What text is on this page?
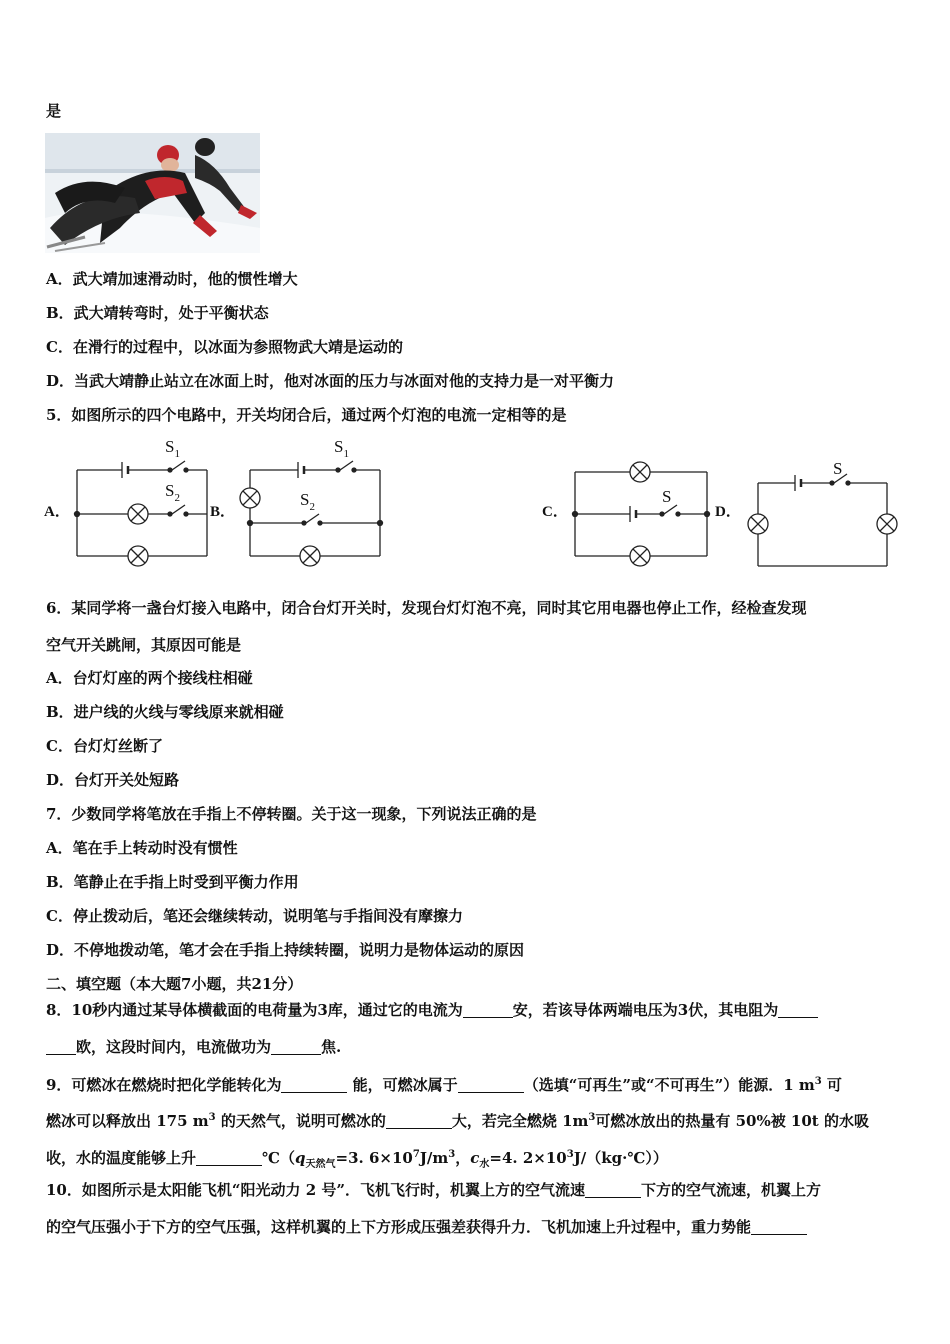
是
A．武大靖加速滑动时，他的惯性增大
B．武大靖转弯时，处于平衡状态
C．在滑行的过程中，以冰面为参照物武大靖是运动的
D．当武大靖静止站立在冰面上时，他对冰面的压力与冰面对他的支持力是一对平衡力
5．如图所示的四个电路中，开关均闭合后，通过两个灯泡的电流一定相等的是
A．
$S_1$
$S_2$
B．
$S_1$
$S_2$	C．
S
D．
S
6．某同学将一盏台灯接入电路中，闭合台灯开关时，发现台灯灯泡不亮，同时其它用电器也停止工作，经检查发现
空气开关跳闸，其原因可能是
A．台灯灯座的两个接线柱相碰
B．进户线的火线与零线原来就相碰
C．台灯灯丝断了
D．台灯开关处短路
7．少数同学将笔放在手指上不停转圈。关于这一现象，下列说法正确的是
A．笔在手上转动时没有惯性
B．笔静止在手指上时受到平衡力作用
C．停止拨动后，笔还会继续转动，说明笔与手指间没有摩擦力
D．不停地拨动笔，笔才会在手指上持续转圈，说明力是物体运动的原因
二、填空题（本大题7小题，共21分）
8．10秒内通过某导体横截面的电荷量为3库，通过它的电流为	安，若该导体两端电压为3伏，其电阻为
欧，这段时间内，电流做功为	焦.
9．可燃冰在燃烧时把化学能转化为	能，可燃冰属于	（选填“可再生”或“不可再生”）能源．1 $m^3$ 可
燃冰可以释放出 175 $m^3$ 的天然气，说明可燃冰的	大，若完全燃烧 $1m^3$可燃冰放出的热量有 50%被 10t 的水吸
收，水的温度能够上升	$℃(q_{天然气}=3$. $6\times 10^7J/m^3$，$c_水=4$. $2\times 10^3J/(kg\cdot℃)$）
10．如图所示是太阳能飞机“阳光动力 2 号”．飞机飞行时，机翼上方的空气流速	下方的空气流速，机翼上方
的空气压强小于下方的空气压强，这样机翼的上下方形成压强差获得升力．飞机加速上升过程中，重力势能
